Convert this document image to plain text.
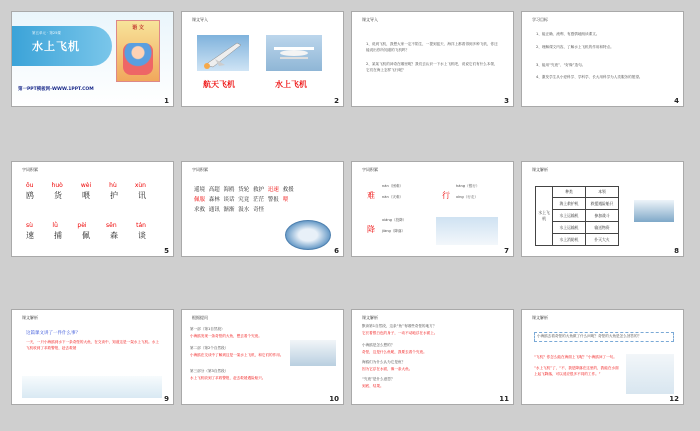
第五单元 · 第25课
水上飞机
语 文
第一PPT模板网-WWW.1PPT.COM
1
课文导入
航天飞机	水上飞机
2
课文导入
1、说到飞机，我想大家一定不陌生，一提到蓝天、海洋上都看得到多种飞机，你还能说出你所知道的飞机吗？
2、某某飞机的神奇在哪里呢？我们去认识一下水上飞机吧，说说它们有什么本领，它们在海上怎样飞行呢？
3
学习目标
1、能正确、流利、有感情地朗读课文。
2、理解课文内容，了解水上飞机的作用和特点。
3、能用“究竟”、“好像”造句。
4、激发学生从小爱科学、学科学、长大用科学为人类服务的愿望。
4
字词积累
ōu	huò	wèi	hù	xùn
鸥	货	喂	护	讯
sù	lǜ	pèi	sēn	tán
速	捕	佩	森	谈
5
字词积累
遥境 高超 海鸥 货轮 救护 迅速 救援
佩服 森林 谈话 究竟 茫茫 警报 喂
求救 通讯 渐渐 汲水 奇怪
6
字词积累
难
nán（困难）
nàn（灾难）	行
háng（银行）
xíng（行走）
降
xiáng（投降）
jiàng（降落）
7
课文解析
水上飞机	种类	本领
	海上救护机	救援遇险船只
	水上运输机	参加战斗
	水上运输机	输送物资
	水上消防机	扑灭大火
8
课文解析
这篇课文讲了一件什么事？
一天，一只小海鸥到水下一条奇怪的大鱼，在交谈中，知道这是一架水上飞机。水上飞机收到了求救警报，赶去救援
9
根据提问
第一部（第1自然段）
小海鸥发现一条奇怪的大鱼，想去看个究竟。
第二部（第2个自然段）
小海鸥在交谈中了解到这是一架水上飞机，和它们的作用。
第三部分（第3自然段）
水上飞机收到了求救警报，赶去救援遇险船只。
10
课文解析
默读第1自然段，这条“鱼”有哪些奇怪的地方？
它长着银白色的身子，一动不动地浮在水面上。
小海鸥是怎么想的？
奇怪，这是什么鱼呢，我要去看个究竟。
海鸥们为什么认为它是鱼？
因为它浮在水面，像一条大鱼。
“究竟”是什么意思？
到底、结果。
11
课文解析
小海鸥去看奇怪的大鱼做了什么问呢？奇怪的大鱼是怎么回答的？
“飞机？你怎么能在海面上飞呢？”小海鸥问了一句。
“水上飞机”了，“不，我是降落在这里的，我能在水面上起飞降落，可以适应很多不同的工作。”
12
